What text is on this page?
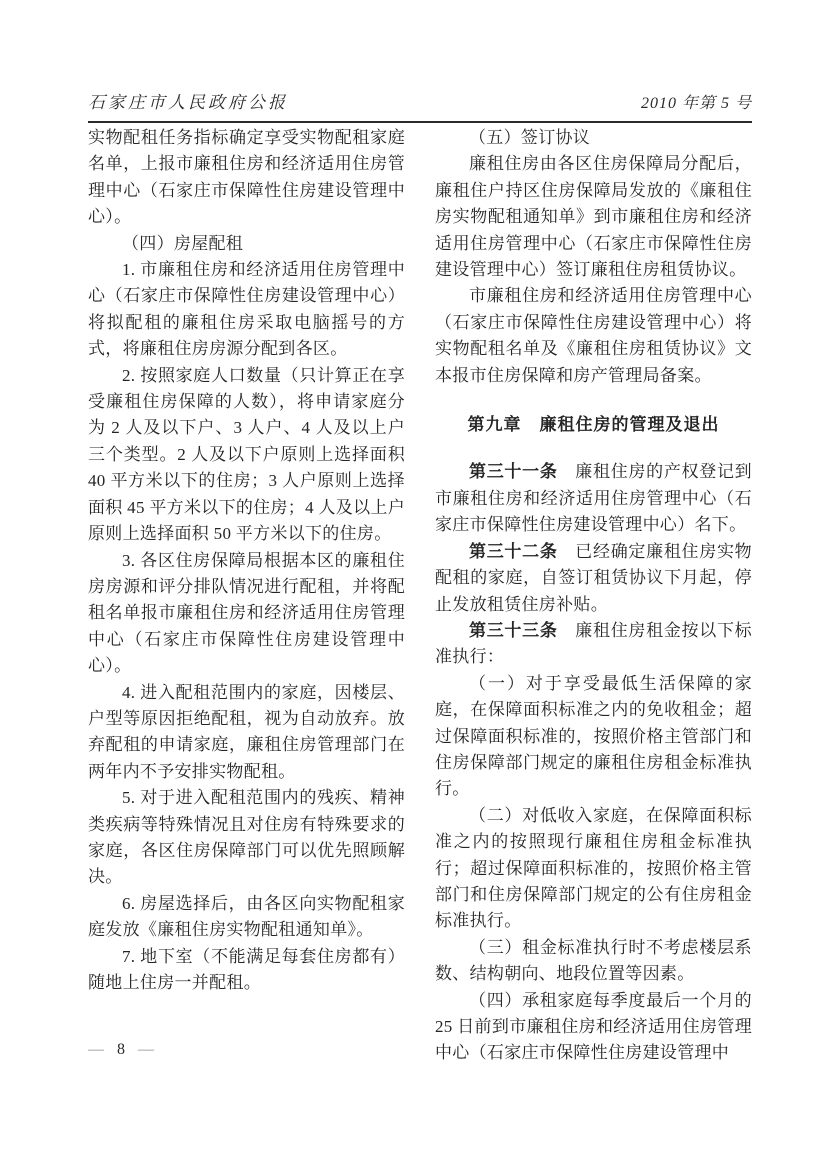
石家庄市人民政府公报	2010 年第 5 号

实物配租任务指标确定享受实物配租家庭名单，上报市廉租住房和经济适用住房管理中心（石家庄市保障性住房建设管理中心）。

（四）房屋配租

1. 市廉租住房和经济适用住房管理中心（石家庄市保障性住房建设管理中心）将拟配租的廉租住房采取电脑摇号的方式，将廉租住房房源分配到各区。

2. 按照家庭人口数量（只计算正在享受廉租住房保障的人数），将申请家庭分为 2 人及以下户、3 人户、4 人及以上户三个类型。2 人及以下户原则上选择面积 40 平方米以下的住房；3 人户原则上选择面积 45 平方米以下的住房；4 人及以上户原则上选择面积 50 平方米以下的住房。

3. 各区住房保障局根据本区的廉租住房房源和评分排队情况进行配租，并将配租名单报市廉租住房和经济适用住房管理中心（石家庄市保障性住房建设管理中心）。

4. 进入配租范围内的家庭，因楼层、户型等原因拒绝配租，视为自动放弃。放弃配租的申请家庭，廉租住房管理部门在两年内不予安排实物配租。

5. 对于进入配租范围内的残疾、精神类疾病等特殊情况且对住房有特殊要求的家庭，各区住房保障部门可以优先照顾解决。

6. 房屋选择后，由各区向实物配租家庭发放《廉租住房实物配租通知单》。

7. 地下室（不能满足每套住房都有）随地上住房一并配租。

（五）签订协议

廉租住房由各区住房保障局分配后，廉租住户持区住房保障局发放的《廉租住房实物配租通知单》到市廉租住房和经济适用住房管理中心（石家庄市保障性住房建设管理中心）签订廉租住房租赁协议。

市廉租住房和经济适用住房管理中心（石家庄市保障性住房建设管理中心）将实物配租名单及《廉租住房租赁协议》文本报市住房保障和房产管理局备案。

第九章　廉租住房的管理及退出

第三十一条　廉租住房的产权登记到市廉租住房和经济适用住房管理中心（石家庄市保障性住房建设管理中心）名下。

第三十二条　已经确定廉租住房实物配租的家庭，自签订租赁协议下月起，停止发放租赁住房补贴。

第三十三条　廉租住房租金按以下标准执行：

（一）对于享受最低生活保障的家庭，在保障面积标准之内的免收租金；超过保障面积标准的，按照价格主管部门和住房保障部门规定的廉租住房租金标准执行。

（二）对低收入家庭，在保障面积标准之内的按照现行廉租住房租金标准执行；超过保障面积标准的，按照价格主管部门和住房保障部门规定的公有住房租金标准执行。

（三）租金标准执行时不考虑楼层系数、结构朝向、地段位置等因素。

（四）承租家庭每季度最后一个月的 25 日前到市廉租住房和经济适用住房管理中心（石家庄市保障性住房建设管理中

— 8 —
